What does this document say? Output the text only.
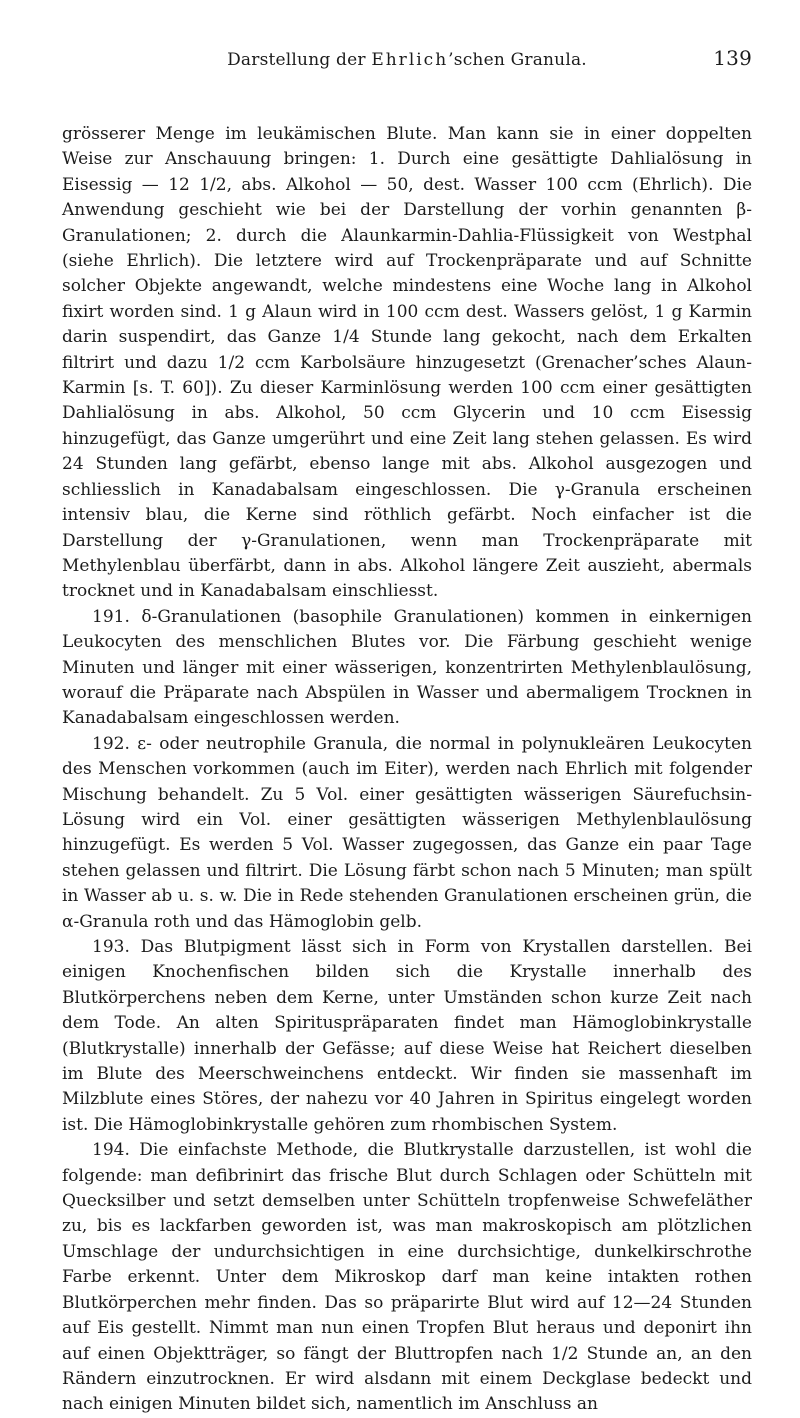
Darstellung der Ehrlich’schen Granula.	139

grösserer Menge im leukämischen Blute. Man kann sie in einer doppelten Weise zur Anschauung bringen: 1. Durch eine gesättigte Dahlialösung in Eisessig — 12 1/2, abs. Alkohol — 50, dest. Wasser 100 ccm (Ehrlich). Die Anwendung geschieht wie bei der Darstellung der vorhin genannten β-Granulationen; 2. durch die Alaunkarmin-Dahlia-Flüssigkeit von Westphal (siehe Ehrlich). Die letztere wird auf Trockenpräparate und auf Schnitte solcher Objekte angewandt, welche mindestens eine Woche lang in Alkohol fixirt worden sind. 1 g Alaun wird in 100 ccm dest. Wassers gelöst, 1 g Karmin darin suspendirt, das Ganze 1/4 Stunde lang gekocht, nach dem Erkalten filtrirt und dazu 1/2 ccm Karbolsäure hinzugesetzt (Grenacher’sches Alaun-Karmin [s. T. 60]). Zu dieser Karminlösung werden 100 ccm einer gesättigten Dahlialösung in abs. Alkohol, 50 ccm Glycerin und 10 ccm Eisessig hinzugefügt, das Ganze umgerührt und eine Zeit lang stehen gelassen. Es wird 24 Stunden lang gefärbt, ebenso lange mit abs. Alkohol ausgezogen und schliesslich in Kanadabalsam eingeschlossen. Die γ-Granula erscheinen intensiv blau, die Kerne sind röthlich gefärbt. Noch einfacher ist die Darstellung der γ-Granulationen, wenn man Trockenpräparate mit Methylenblau überfärbt, dann in abs. Alkohol längere Zeit auszieht, abermals trocknet und in Kanadabalsam einschliesst.

191. δ-Granulationen (basophile Granulationen) kommen in einkernigen Leukocyten des menschlichen Blutes vor. Die Färbung geschieht wenige Minuten und länger mit einer wässerigen, konzentrirten Methylenblaulösung, worauf die Präparate nach Abspülen in Wasser und abermaligem Trocknen in Kanadabalsam eingeschlossen werden.

192. ε- oder neutrophile Granula, die normal in polynukleären Leukocyten des Menschen vorkommen (auch im Eiter), werden nach Ehrlich mit folgender Mischung behandelt. Zu 5 Vol. einer gesättigten wässerigen Säurefuchsin-Lösung wird ein Vol. einer gesättigten wässerigen Methylenblaulösung hinzugefügt. Es werden 5 Vol. Wasser zugegossen, das Ganze ein paar Tage stehen gelassen und filtrirt. Die Lösung färbt schon nach 5 Minuten; man spült in Wasser ab u. s. w. Die in Rede stehenden Granulationen erscheinen grün, die α-Granula roth und das Hämoglobin gelb.

193. Das Blutpigment lässt sich in Form von Krystallen darstellen. Bei einigen Knochenfischen bilden sich die Krystalle innerhalb des Blutkörperchens neben dem Kerne, unter Umständen schon kurze Zeit nach dem Tode. An alten Spirituspräparaten findet man Hämoglobinkrystalle (Blutkrystalle) innerhalb der Gefässe; auf diese Weise hat Reichert dieselben im Blute des Meerschweinchens entdeckt. Wir finden sie massenhaft im Milzblute eines Störes, der nahezu vor 40 Jahren in Spiritus eingelegt worden ist. Die Hämoglobinkrystalle gehören zum rhombischen System.

194. Die einfachste Methode, die Blutkrystalle darzustellen, ist wohl die folgende: man defibrinirt das frische Blut durch Schlagen oder Schütteln mit Quecksilber und setzt demselben unter Schütteln tropfenweise Schwefeläther zu, bis es lackfarben geworden ist, was man makroskopisch am plötzlichen Umschlage der undurchsichtigen in eine durchsichtige, dunkelkirschrothe Farbe erkennt. Unter dem Mikroskop darf man keine intakten rothen Blutkörperchen mehr finden. Das so präparirte Blut wird auf 12—24 Stunden auf Eis gestellt. Nimmt man nun einen Tropfen Blut heraus und deponirt ihn auf einen Objektträger, so fängt der Bluttropfen nach 1/2 Stunde an, an den Rändern einzutrocknen. Er wird alsdann mit einem Deckglase bedeckt und nach einigen Minuten bildet sich, namentlich im Anschluss an
